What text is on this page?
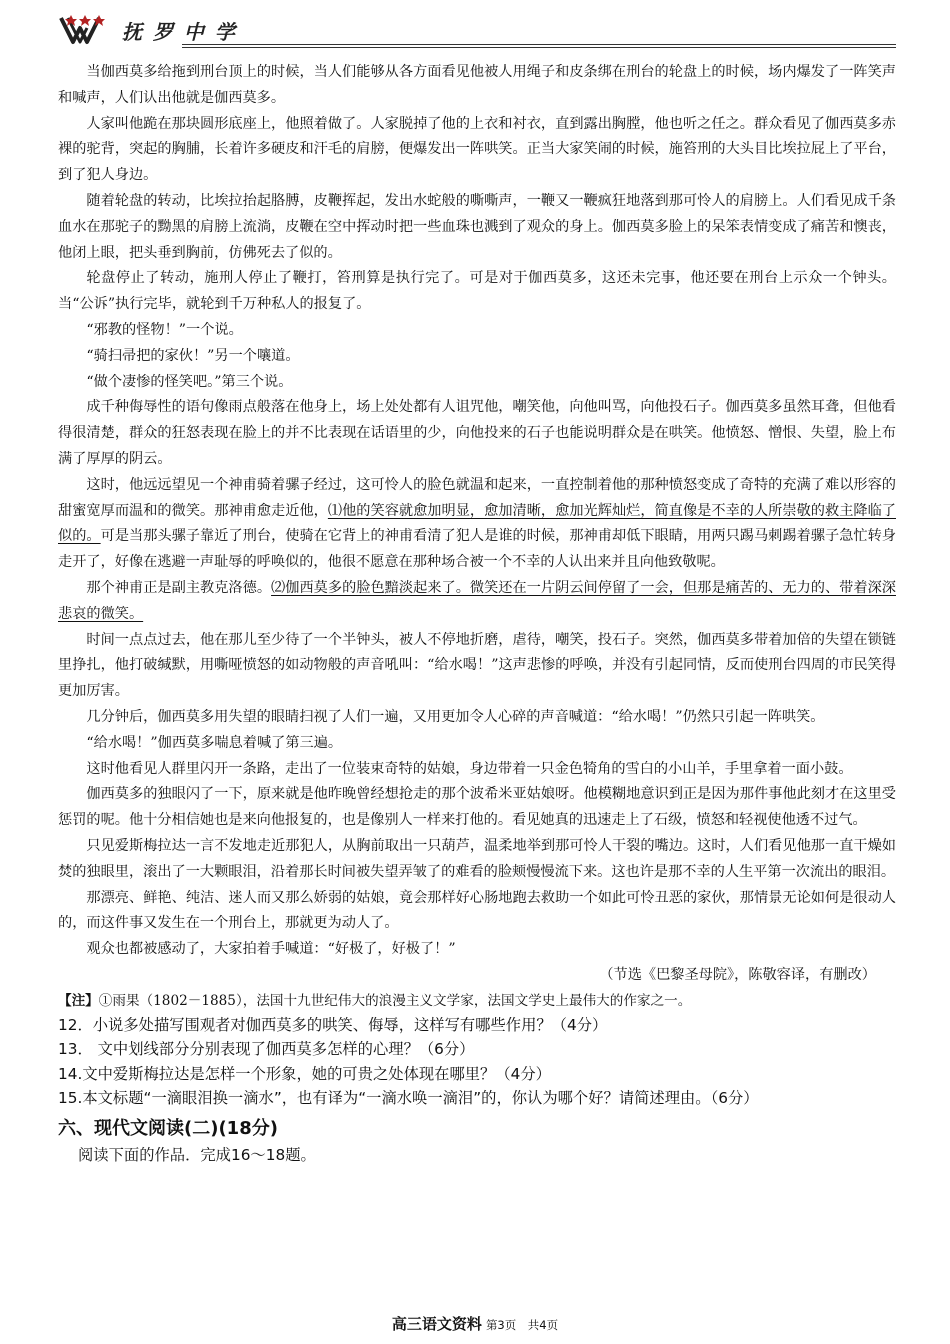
抚 罗 中 学

当伽西莫多给拖到刑台顶上的时候，当人们能够从各方面看见他被人用绳子和皮条绑在刑台的轮盘上的时候，场内爆发了一阵笑声和喊声，人们认出他就是伽西莫多。

人家叫他跪在那块圆形底座上，他照着做了。人家脱掉了他的上衣和衬衣，直到露出胸膛，他也听之任之。群众看见了伽西莫多赤裸的驼背，突起的胸脯，长着许多硬皮和汗毛的肩膀，便爆发出一阵哄笑。正当大家笑闹的时候，施笞刑的大头目比埃拉屁上了平台，到了犯人身边。

随着轮盘的转动，比埃拉抬起胳膊，皮鞭挥起，发出水蛇般的嘶嘶声，一鞭又一鞭疯狂地落到那可怜人的肩膀上。人们看见成千条血水在那驼子的黝黑的肩膀上流淌，皮鞭在空中挥动时把一些血珠也溅到了观众的身上。伽西莫多脸上的呆笨表情变成了痛苦和懊丧，他闭上眼，把头垂到胸前，仿佛死去了似的。

轮盘停止了转动，施刑人停止了鞭打，笞刑算是执行完了。可是对于伽西莫多，这还未完事，他还要在刑台上示众一个钟头。当“公诉”执行完毕，就轮到千万种私人的报复了。

“邪教的怪物！”一个说。

“骑扫帚把的家伙！”另一个嚷道。

“做个凄惨的怪笑吧。”第三个说。

成千种侮辱性的语句像雨点般落在他身上，场上处处都有人诅咒他，嘲笑他，向他叫骂，向他投石子。伽西莫多虽然耳聋，但他看得很清楚，群众的狂怒表现在脸上的并不比表现在话语里的少，向他投来的石子也能说明群众是在哄笑。他愤怒、憎恨、失望，脸上布满了厚厚的阴云。

这时，他远远望见一个神甫骑着骡子经过，这可怜人的脸色就温和起来，一直控制着他的那种愤怒变成了奇特的充满了难以形容的甜蜜宽厚而温和的微笑。那神甫愈走近他，⑴他的笑容就愈加明显，愈加清晰，愈加光辉灿烂，简直像是不幸的人所崇敬的救主降临了似的。可是当那头骡子靠近了刑台，使骑在它背上的神甫看清了犯人是谁的时候，那神甫却低下眼睛，用两只踢马刺踢着骡子急忙转身走开了，好像在逃避一声耻辱的呼唤似的，他很不愿意在那种场合被一个不幸的人认出来并且向他致敬呢。

那个神甫正是副主教克洛德。⑵伽西莫多的脸色黯淡起来了。微笑还在一片阴云间停留了一会，但那是痛苦的、无力的、带着深深悲哀的微笑。

时间一点点过去，他在那儿至少待了一个半钟头，被人不停地折磨，虐待，嘲笑，投石子。突然，伽西莫多带着加倍的失望在锁链里挣扎，他打破缄默，用嘶哑愤怒的如动物般的声音吼叫：“给水喝！”这声悲惨的呼唤，并没有引起同情，反而使刑台四周的市民笑得更加厉害。

几分钟后，伽西莫多用失望的眼睛扫视了人们一遍，又用更加令人心碎的声音喊道：“给水喝！”仍然只引起一阵哄笑。

“给水喝！”伽西莫多喘息着喊了第三遍。

这时他看见人群里闪开一条路，走出了一位装束奇特的姑娘，身边带着一只金色犄角的雪白的小山羊，手里拿着一面小鼓。

伽西莫多的独眼闪了一下，原来就是他昨晚曾经想抢走的那个波希米亚姑娘呀。他模糊地意识到正是因为那件事他此刻才在这里受惩罚的呢。他十分相信她也是来向他报复的，也是像别人一样来打他的。看见她真的迅速走上了石级，愤怒和轻视使他透不过气。

只见爱斯梅拉达一言不发地走近那犯人，从胸前取出一只葫芦，温柔地举到那可怜人干裂的嘴边。这时，人们看见他那一直干燥如焚的独眼里，滚出了一大颗眼泪，沿着那长时间被失望弄皱了的难看的脸颊慢慢流下来。这也许是那不幸的人生平第一次流出的眼泪。

那漂亮、鲜艳、纯洁、迷人而又那么娇弱的姑娘，竟会那样好心肠地跑去救助一个如此可怜丑恶的家伙，那情景无论如何是很动人的，而这件事又发生在一个刑台上，那就更为动人了。

观众也都被感动了，大家拍着手喊道：“好极了，好极了！”

（节选《巴黎圣母院》，陈敬容译，有删改）

【注】①雨果（1802－1885），法国十九世纪伟大的浪漫主义文学家，法国文学史上最伟大的作家之一。

12．小说多处描写围观者对伽西莫多的哄笑、侮辱，这样写有哪些作用？（4分）

13． 文中划线部分分别表现了伽西莫多怎样的心理？（6分）

14.文中爱斯梅拉达是怎样一个形象，她的可贵之处体现在哪里？（4分）

15.本文标题“一滴眼泪换一滴水”，也有译为“一滴水唤一滴泪”的，你认为哪个好？请简述理由。（6分）

六、现代文阅读(二)(18分)

阅读下面的作品．完成16～18题。

高三语文资料 第3页　共4页
